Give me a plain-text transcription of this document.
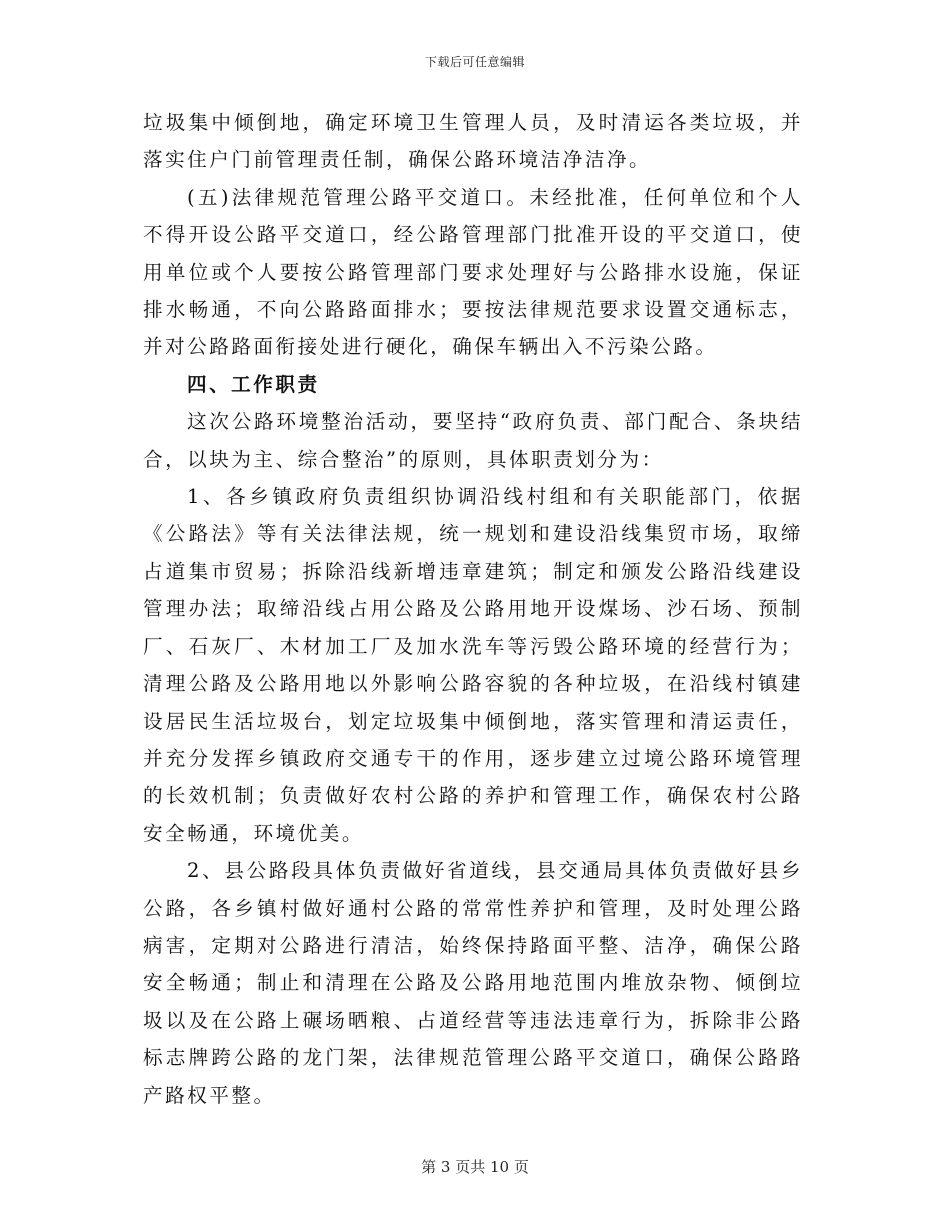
下载后可任意编辑

垃圾集中倾倒地，确定环境卫生管理人员，及时清运各类垃圾，并落实住户门前管理责任制，确保公路环境洁净洁净。

(五)法律规范管理公路平交道口。未经批准，任何单位和个人不得开设公路平交道口，经公路管理部门批准开设的平交道口，使用单位或个人要按公路管理部门要求处理好与公路排水设施，保证排水畅通，不向公路路面排水；要按法律规范要求设置交通标志，并对公路路面衔接处进行硬化，确保车辆出入不污染公路。

四、工作职责

这次公路环境整治活动，要坚持“政府负责、部门配合、条块结合，以块为主、综合整治”的原则，具体职责划分为：

1、各乡镇政府负责组织协调沿线村组和有关职能部门，依据《公路法》等有关法律法规，统一规划和建设沿线集贸市场，取缔占道集市贸易；拆除沿线新增违章建筑；制定和颁发公路沿线建设管理办法；取缔沿线占用公路及公路用地开设煤场、沙石场、预制厂、石灰厂、木材加工厂及加水洗车等污毁公路环境的经营行为；清理公路及公路用地以外影响公路容貌的各种垃圾，在沿线村镇建设居民生活垃圾台，划定垃圾集中倾倒地，落实管理和清运责任，并充分发挥乡镇政府交通专干的作用，逐步建立过境公路环境管理的长效机制；负责做好农村公路的养护和管理工作，确保农村公路安全畅通，环境优美。

2、县公路段具体负责做好省道线，县交通局具体负责做好县乡公路，各乡镇村做好通村公路的常常性养护和管理，及时处理公路病害，定期对公路进行清洁，始终保持路面平整、洁净，确保公路安全畅通；制止和清理在公路及公路用地范围内堆放杂物、倾倒垃圾以及在公路上碾场晒粮、占道经营等违法违章行为，拆除非公路标志牌跨公路的龙门架，法律规范管理公路平交道口，确保公路路产路权平整。

第 3 页共 10 页
